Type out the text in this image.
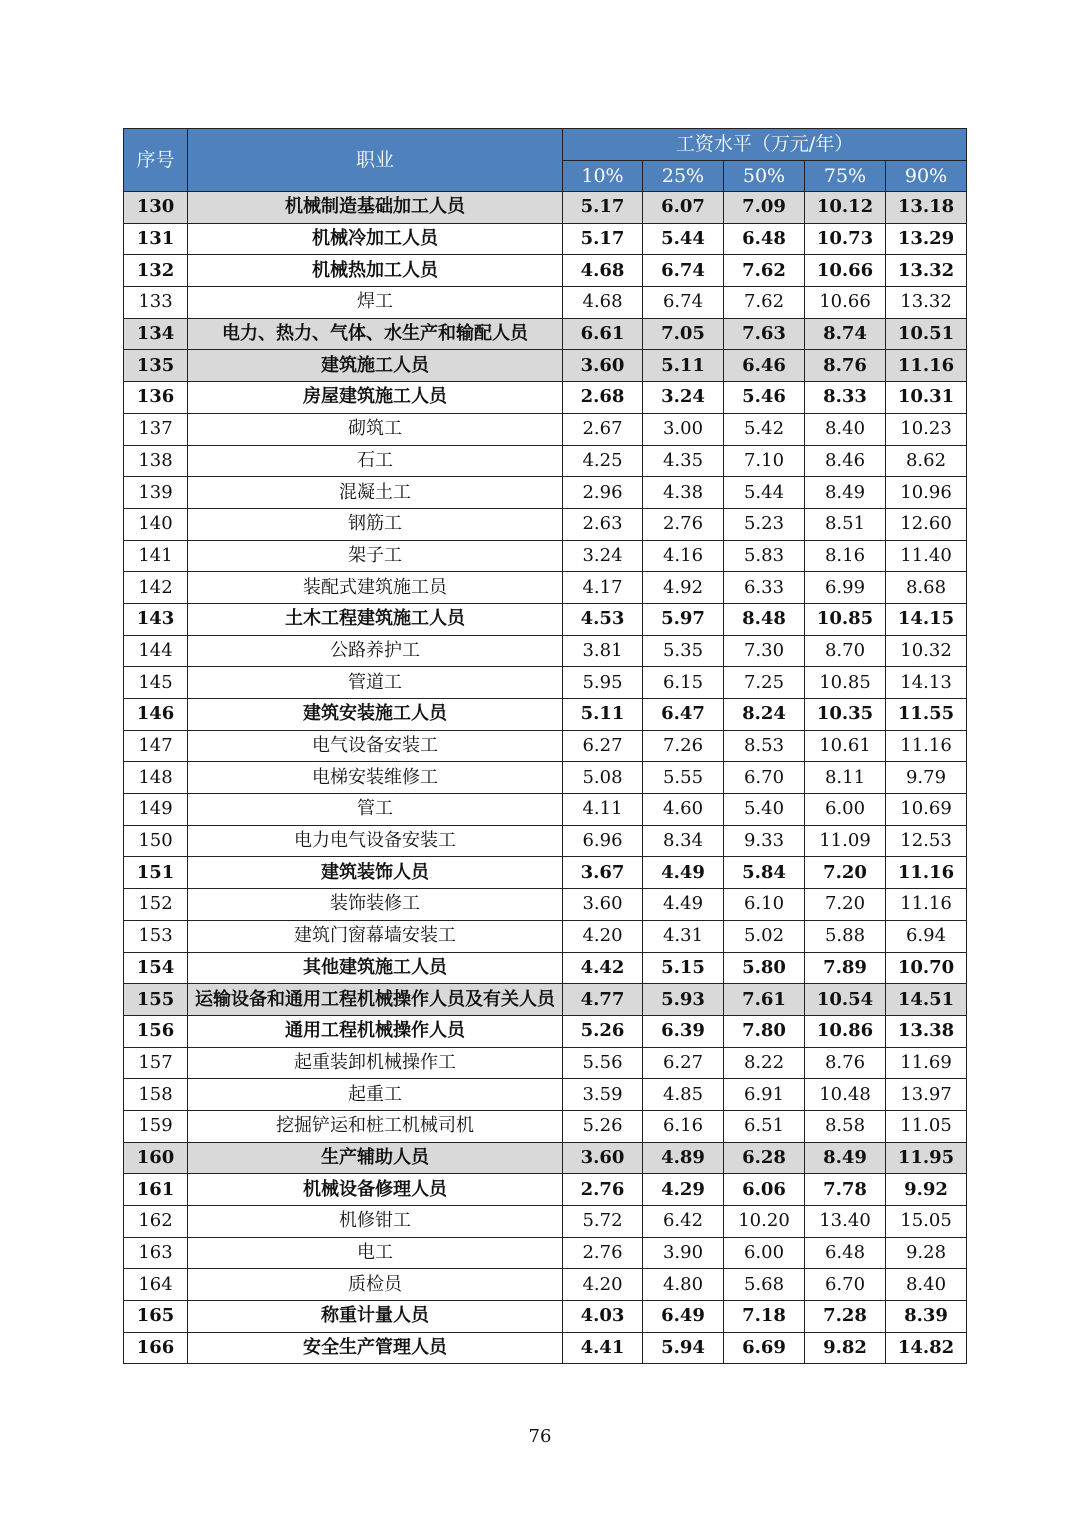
序号	职业	工资水平（万元/年）				
		10%	25%	50%	75%	90%
130	机械制造基础加工人员	5.17	6.07	7.09	10.12	13.18
131	机械冷加工人员	5.17	5.44	6.48	10.73	13.29
132	机械热加工人员	4.68	6.74	7.62	10.66	13.32
133	焊工	4.68	6.74	7.62	10.66	13.32
134	电力、热力、气体、水生产和输配人员	6.61	7.05	7.63	8.74	10.51
135	建筑施工人员	3.60	5.11	6.46	8.76	11.16
136	房屋建筑施工人员	2.68	3.24	5.46	8.33	10.31
137	砌筑工	2.67	3.00	5.42	8.40	10.23
138	石工	4.25	4.35	7.10	8.46	8.62
139	混凝土工	2.96	4.38	5.44	8.49	10.96
140	钢筋工	2.63	2.76	5.23	8.51	12.60
141	架子工	3.24	4.16	5.83	8.16	11.40
142	装配式建筑施工员	4.17	4.92	6.33	6.99	8.68
143	土木工程建筑施工人员	4.53	5.97	8.48	10.85	14.15
144	公路养护工	3.81	5.35	7.30	8.70	10.32
145	管道工	5.95	6.15	7.25	10.85	14.13
146	建筑安装施工人员	5.11	6.47	8.24	10.35	11.55
147	电气设备安装工	6.27	7.26	8.53	10.61	11.16
148	电梯安装维修工	5.08	5.55	6.70	8.11	9.79
149	管工	4.11	4.60	5.40	6.00	10.69
150	电力电气设备安装工	6.96	8.34	9.33	11.09	12.53
151	建筑装饰人员	3.67	4.49	5.84	7.20	11.16
152	装饰装修工	3.60	4.49	6.10	7.20	11.16
153	建筑门窗幕墙安装工	4.20	4.31	5.02	5.88	6.94
154	其他建筑施工人员	4.42	5.15	5.80	7.89	10.70
155	运输设备和通用工程机械操作人员及有关人员	4.77	5.93	7.61	10.54	14.51
156	通用工程机械操作人员	5.26	6.39	7.80	10.86	13.38
157	起重装卸机械操作工	5.56	6.27	8.22	8.76	11.69
158	起重工	3.59	4.85	6.91	10.48	13.97
159	挖掘铲运和桩工机械司机	5.26	6.16	6.51	8.58	11.05
160	生产辅助人员	3.60	4.89	6.28	8.49	11.95
161	机械设备修理人员	2.76	4.29	6.06	7.78	9.92
162	机修钳工	5.72	6.42	10.20	13.40	15.05
163	电工	2.76	3.90	6.00	6.48	9.28
164	质检员	4.20	4.80	5.68	6.70	8.40
165	称重计量人员	4.03	6.49	7.18	7.28	8.39
166	安全生产管理人员	4.41	5.94	6.69	9.82	14.82
76
